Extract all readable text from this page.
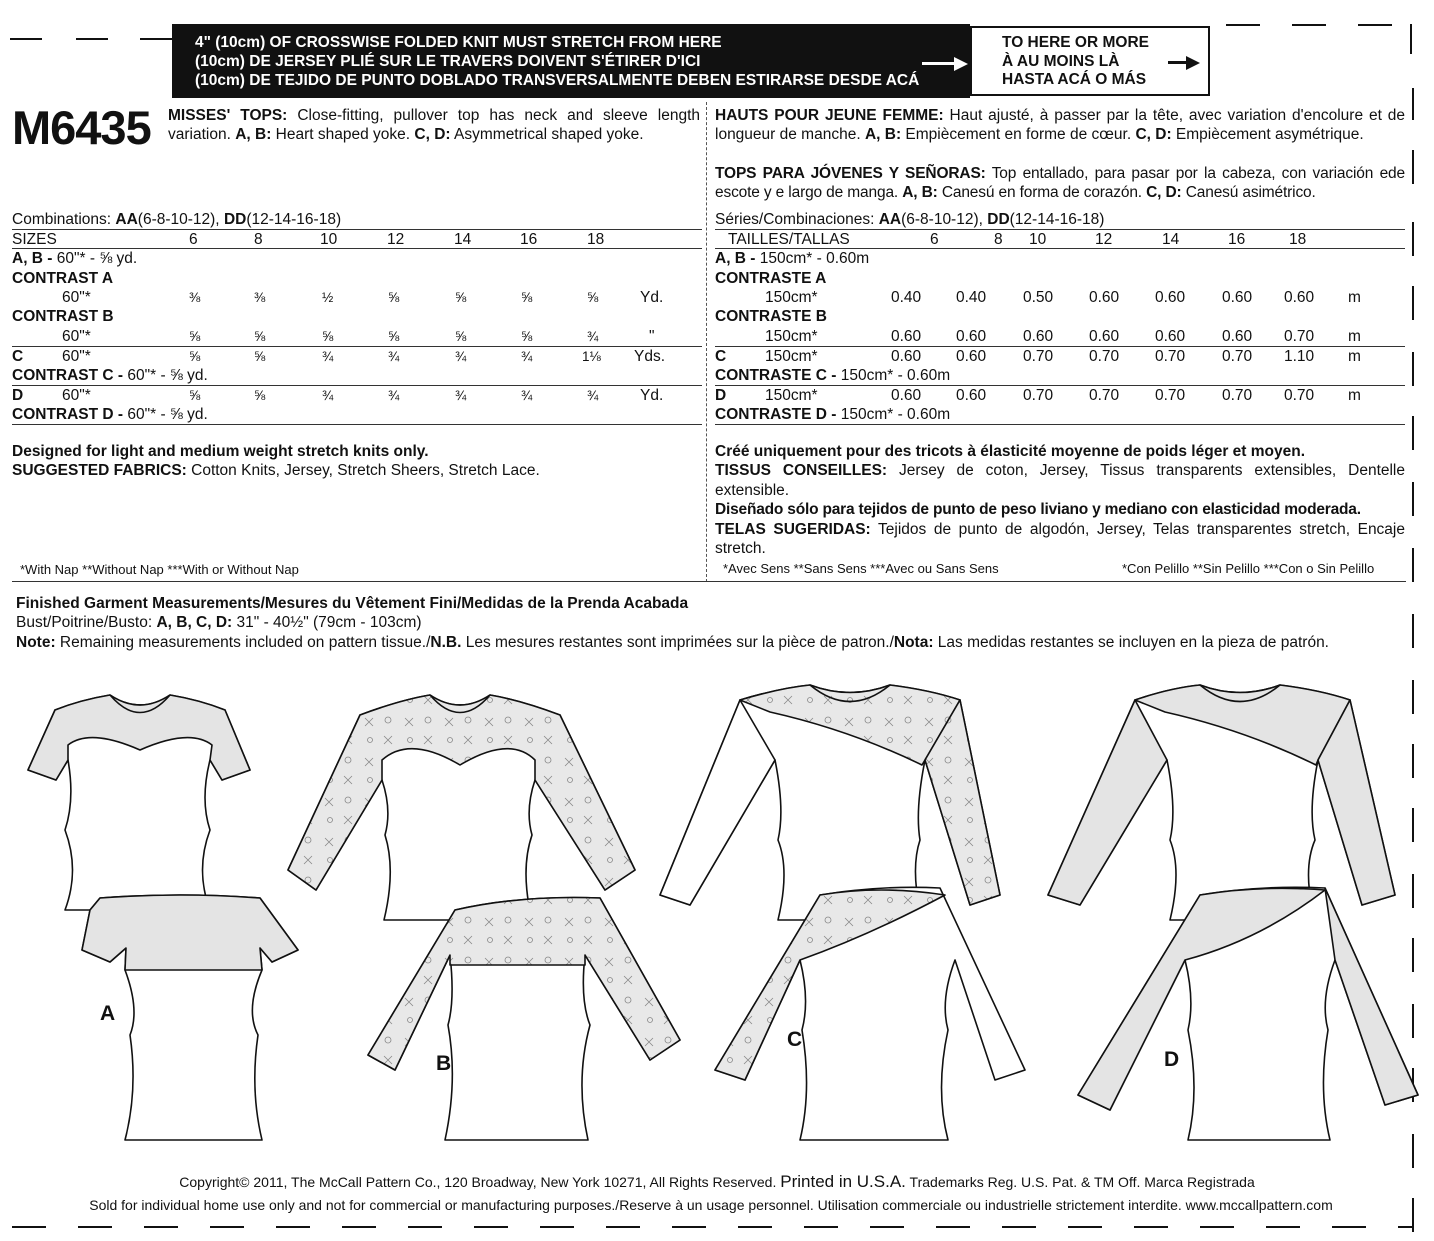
4" (10cm) OF CROSSWISE FOLDED KNIT MUST STRETCH FROM HERE
(10cm) DE JERSEY PLIÉ SUR LE TRAVERS DOIVENT S'ÉTIRER D'ICI
(10cm) DE TEJIDO DE PUNTO DOBLADO TRANSVERSALMENTE DEBEN ESTIRARSE DESDE ACÁ
TO HERE OR MORE
À AU MOINS LÀ
HASTA ACÁ O MÁS
M6435 MISSES' TOPS: Close-fitting, pullover top has neck and sleeve length variation. A, B: Heart shaped yoke. C, D: Asymmetrical shaped yoke.
HAUTS POUR JEUNE FEMME: Haut ajusté, à passer par la tête, avec variation d'encolure et de longueur de manche. A, B: Empiècement en forme de cœur. C, D: Empiècement asymétrique.
TOPS PARA JÓVENES Y SEÑORAS: Top entallado, para pasar por la cabeza, con variación ede escote y e largo de manga. A, B: Canesú en forma de corazón. C, D: Canesú asimétrico.
Combinations: AA(6-8-10-12), DD(12-14-16-18)
SIZES	6	8	10	12	14	16	18
A, B - 60"* - ⅝ yd.
CONTRAST A
60"*	⅜	⅜	½	⅝	⅝	⅝	⅝	Yd.
CONTRAST B
60"*	⅝	⅝	⅝	⅝	⅝	⅝	¾	"
C	60"*	⅝	⅝	¾	¾	¾	¾	1⅛ Yds.
CONTRAST C - 60"* - ⅝ yd.
D	60"*	⅝	⅝	¾	¾	¾	¾	¾	Yd.
CONTRAST D - 60"* - ⅝ yd.
Séries/Combinaciones: AA(6-8-10-12), DD(12-14-16-18)
TAILLES/TALLAS	6	8 10	12	14	16	18
A, B - 150cm* - 0.60m
CONTRASTE A
150cm*	0.40 0.40 0.50 0.60 0.60 0.60 0.60 m
CONTRASTE B
150cm*	0.60 0.60 0.60 0.60 0.60 0.60 0.70 m
C	150cm*	0.60 0.60 0.70 0.70 0.70 0.70 1.10 m
CONTRASTE C - 150cm* - 0.60m
D	150cm*	0.60 0.60 0.70 0.70 0.70 0.70 0.70 m
CONTRASTE D - 150cm* - 0.60m
Designed for light and medium weight stretch knits only.
SUGGESTED FABRICS: Cotton Knits, Jersey, Stretch Sheers, Stretch Lace.
Créé uniquement pour des tricots à élasticité moyenne de poids léger et moyen.
TISSUS CONSEILLES: Jersey de coton, Jersey, Tissus transparents extensibles, Dentelle extensible.
Diseñado sólo para tejidos de punto de peso liviano y mediano con elasticidad moderada.
TELAS SUGERIDAS: Tejidos de punto de algodón, Jersey, Telas transparentes stretch, Encaje stretch.
*With Nap **Without Nap ***With or Without Nap	*Avec Sens **Sans Sens ***Avec ou Sans Sens	*Con Pelillo **Sin Pelillo ***Con o Sin Pelillo
Finished Garment Measurements/Mesures du Vêtement Fini/Medidas de la Prenda Acabada
Bust/Poitrine/Busto: A, B, C, D: 31" - 40½" (79cm - 103cm)
Note: Remaining measurements included on pattern tissue./N.B. Les mesures restantes sont imprimées sur la pièce de patron./Nota: Las medidas restantes se incluyen en la pieza de patrón.
A
B
C
D
Copyright© 2011, The McCall Pattern Co., 120 Broadway, New York 10271, All Rights Reserved. Printed in U.S.A. Trademarks Reg. U.S. Pat. & TM Off. Marca Registrada
Sold for individual home use only and not for commercial or manufacturing purposes./Reserve à un usage personnel. Utilisation commerciale ou industrielle strictement interdite. www.mccallpattern.com
